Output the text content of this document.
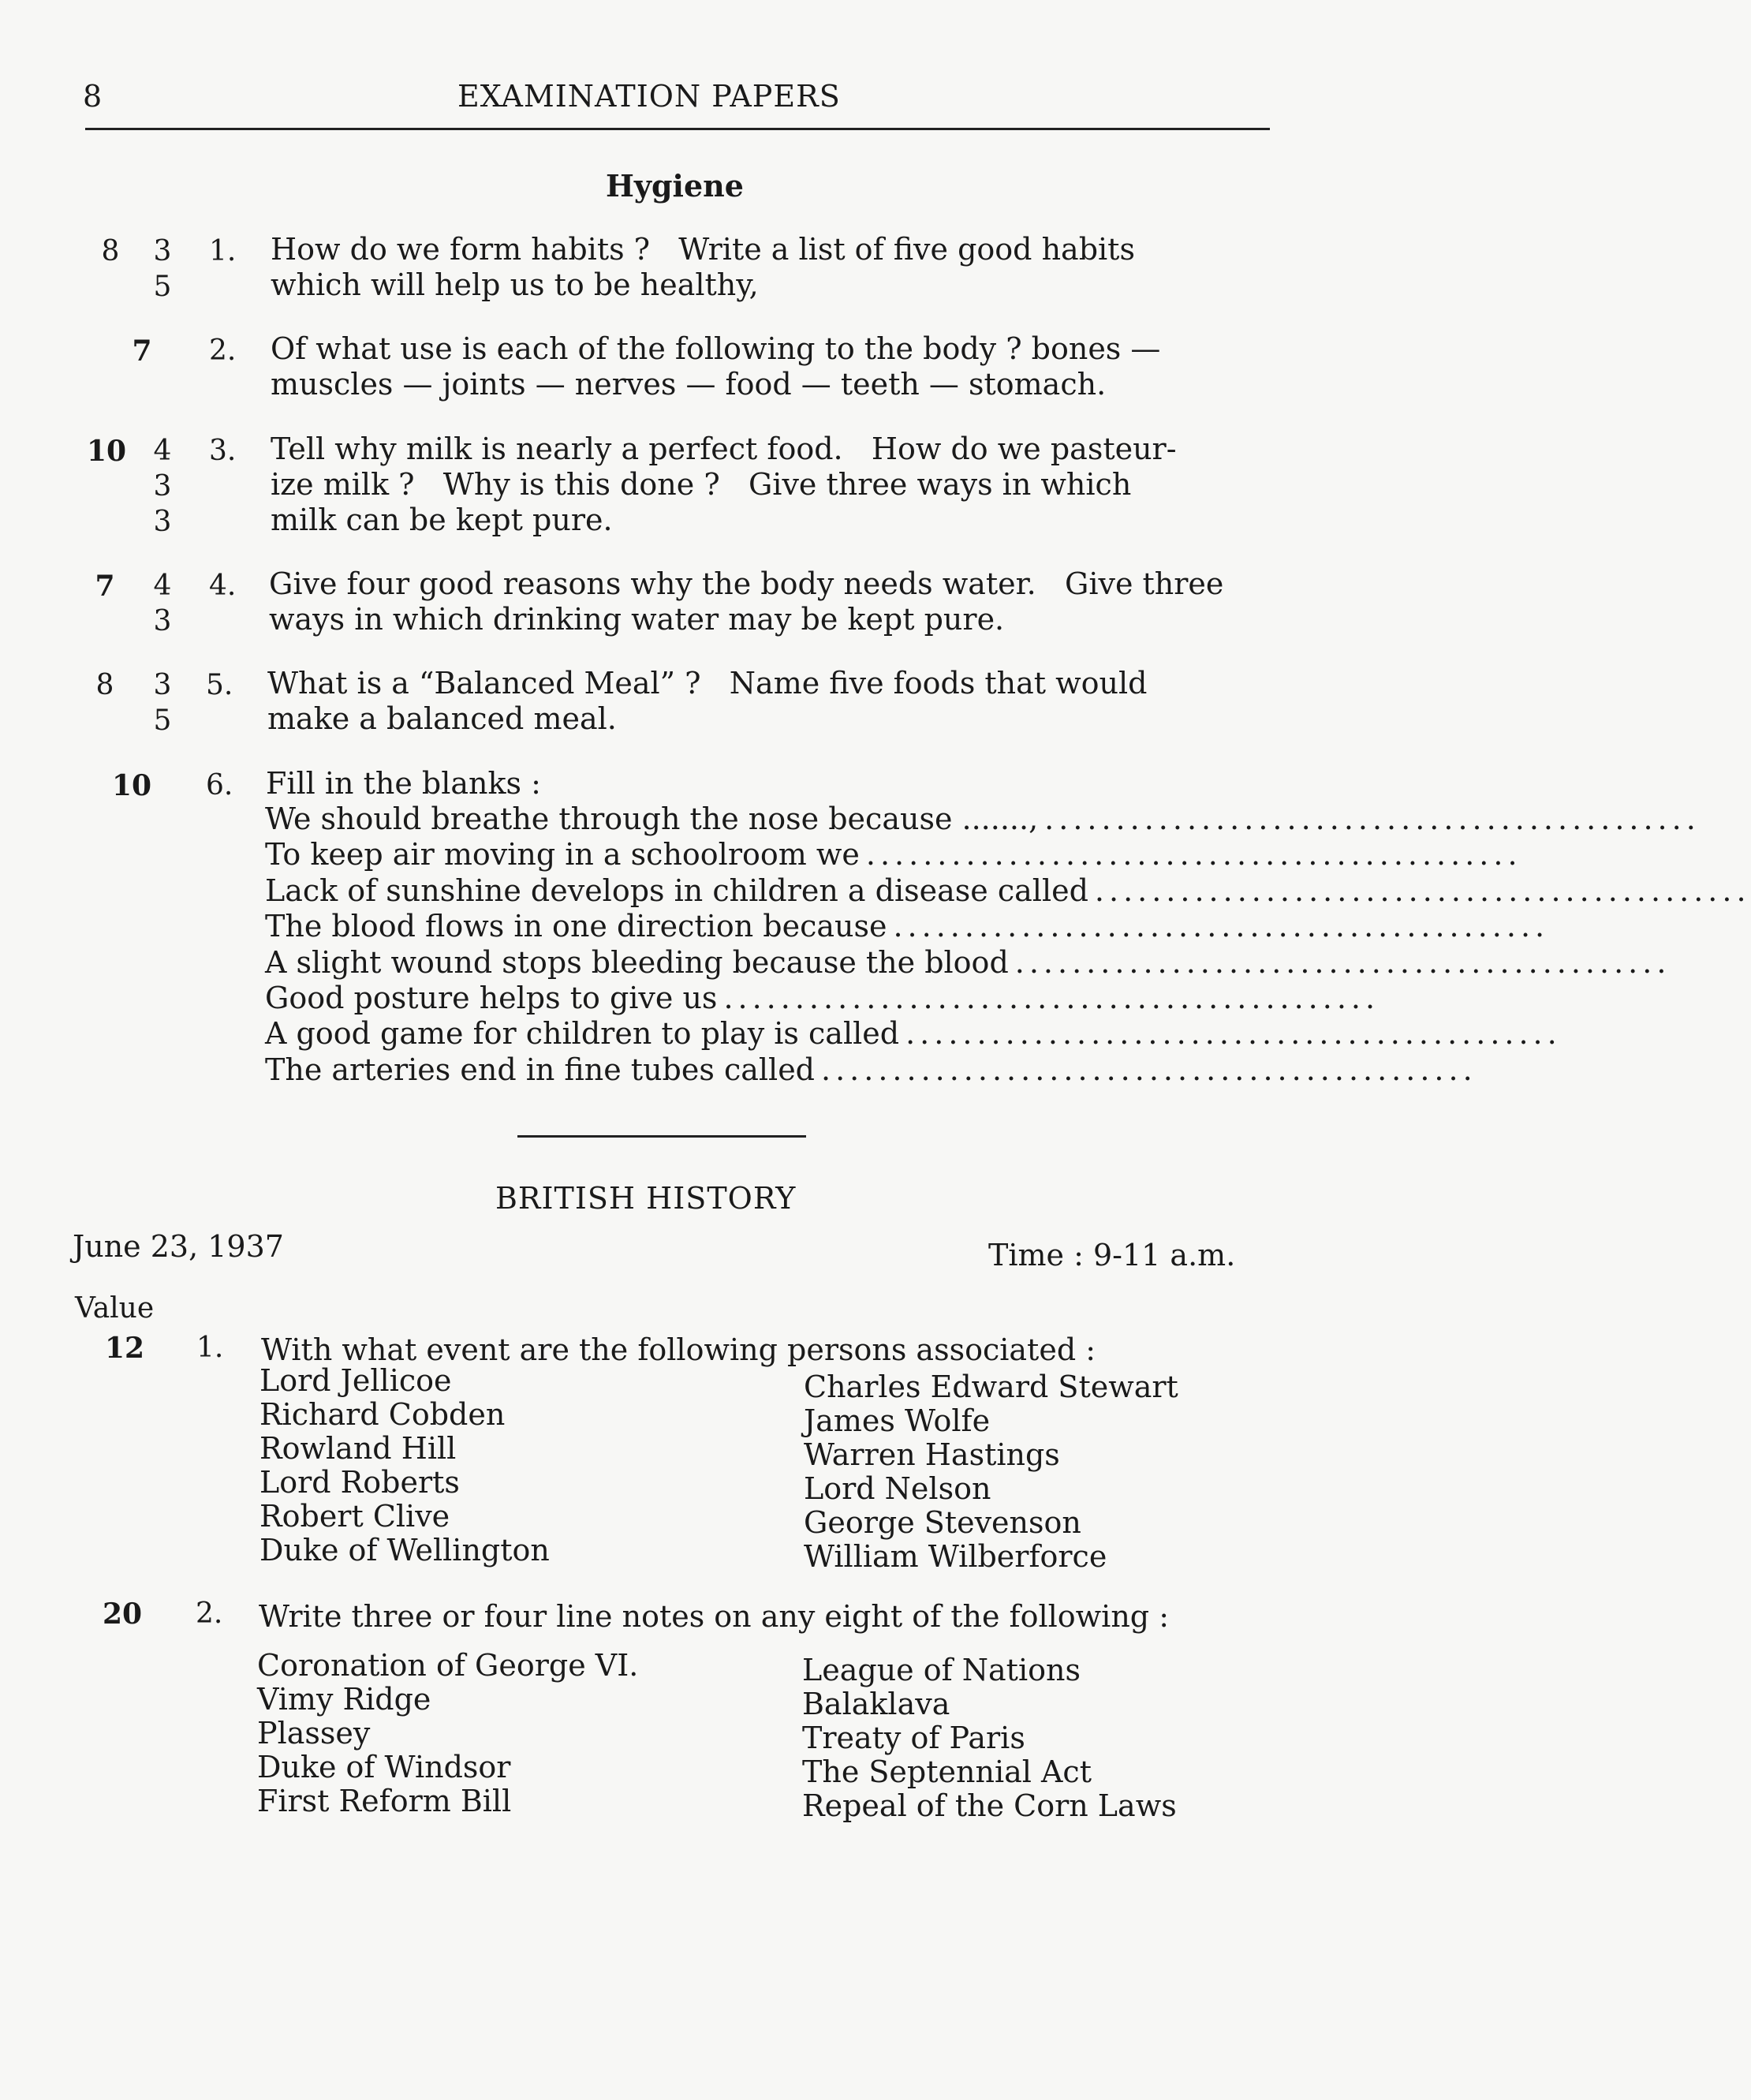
8	EXAMINATION PAPERS
Hygiene
8 3
5
1. How do we form habits ?   Write a list of five good habits
which will help us to be healthy,
7 2. Of what use is each of the following to the body ? bones —
muscles — joints — nerves — food — teeth — stomach.
10 4
3
3
3. Tell why milk is nearly a perfect food.   How do we pasteur-
ize milk ?   Why is this done ?   Give three ways in which
milk can be kept pure.
7 4
3
4. Give four good reasons why the body needs water.   Give three
ways in which drinking water may be kept pure.
8 3
5
5. What is a “Balanced Meal” ?   Name five foods that would
make a balanced meal.
10 6. Fill in the blanks :
We should breathe through the nose because ......., ..............................................
To keep air moving in a schoolroom we ..............................................
Lack of sunshine develops in children a disease called ..............................................
The blood flows in one direction because ..............................................
A slight wound stops bleeding because the blood ..............................................
Good posture helps to give us ..............................................
A good game for children to play is called ..............................................
The arteries end in fine tubes called ..............................................
BRITISH HISTORY
June 23, 1937	Time : 9-11 a.m.
Value
12 1. With what event are the following persons associated :
Lord Jellicoe
Richard Cobden
Rowland Hill
Lord Roberts
Robert Clive
Duke of Wellington
Charles Edward Stewart
James Wolfe
Warren Hastings
Lord Nelson
George Stevenson
William Wilberforce
20 2. Write three or four line notes on any eight of the following :
Coronation of George VI.
Vimy Ridge
Plassey
Duke of Windsor
First Reform Bill
League of Nations
Balaklava
Treaty of Paris
The Septennial Act
Repeal of the Corn Laws
